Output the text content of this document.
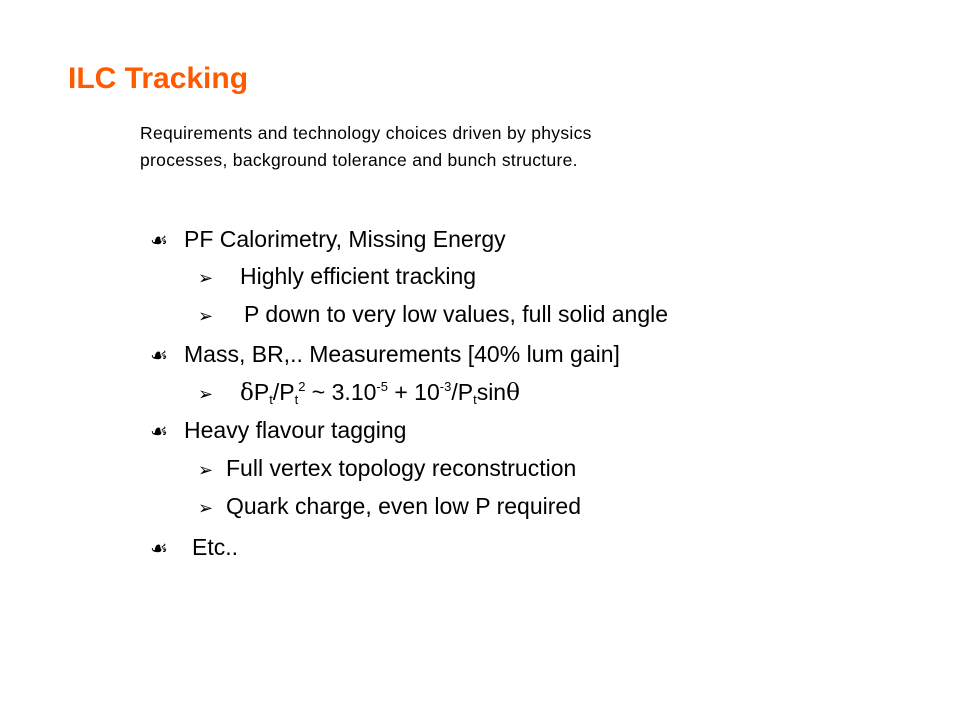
ILC Tracking
Requirements and technology choices driven by physics
processes, background tolerance and bunch structure.
☙ PF Calorimetry, Missing Energy
➢	Highly efficient tracking
➢	P down to very low values, full solid angle
☙ Mass, BR,.. Measurements [40% lum gain]
➢	$\delta P_t/P_t^2$ ~ $3.10^{-5} + 10^{-3}/P_t\sin\theta$
☙ Heavy flavour tagging
➢ Full vertex topology reconstruction
➢ Quark charge, even low P required
☙	Etc..
